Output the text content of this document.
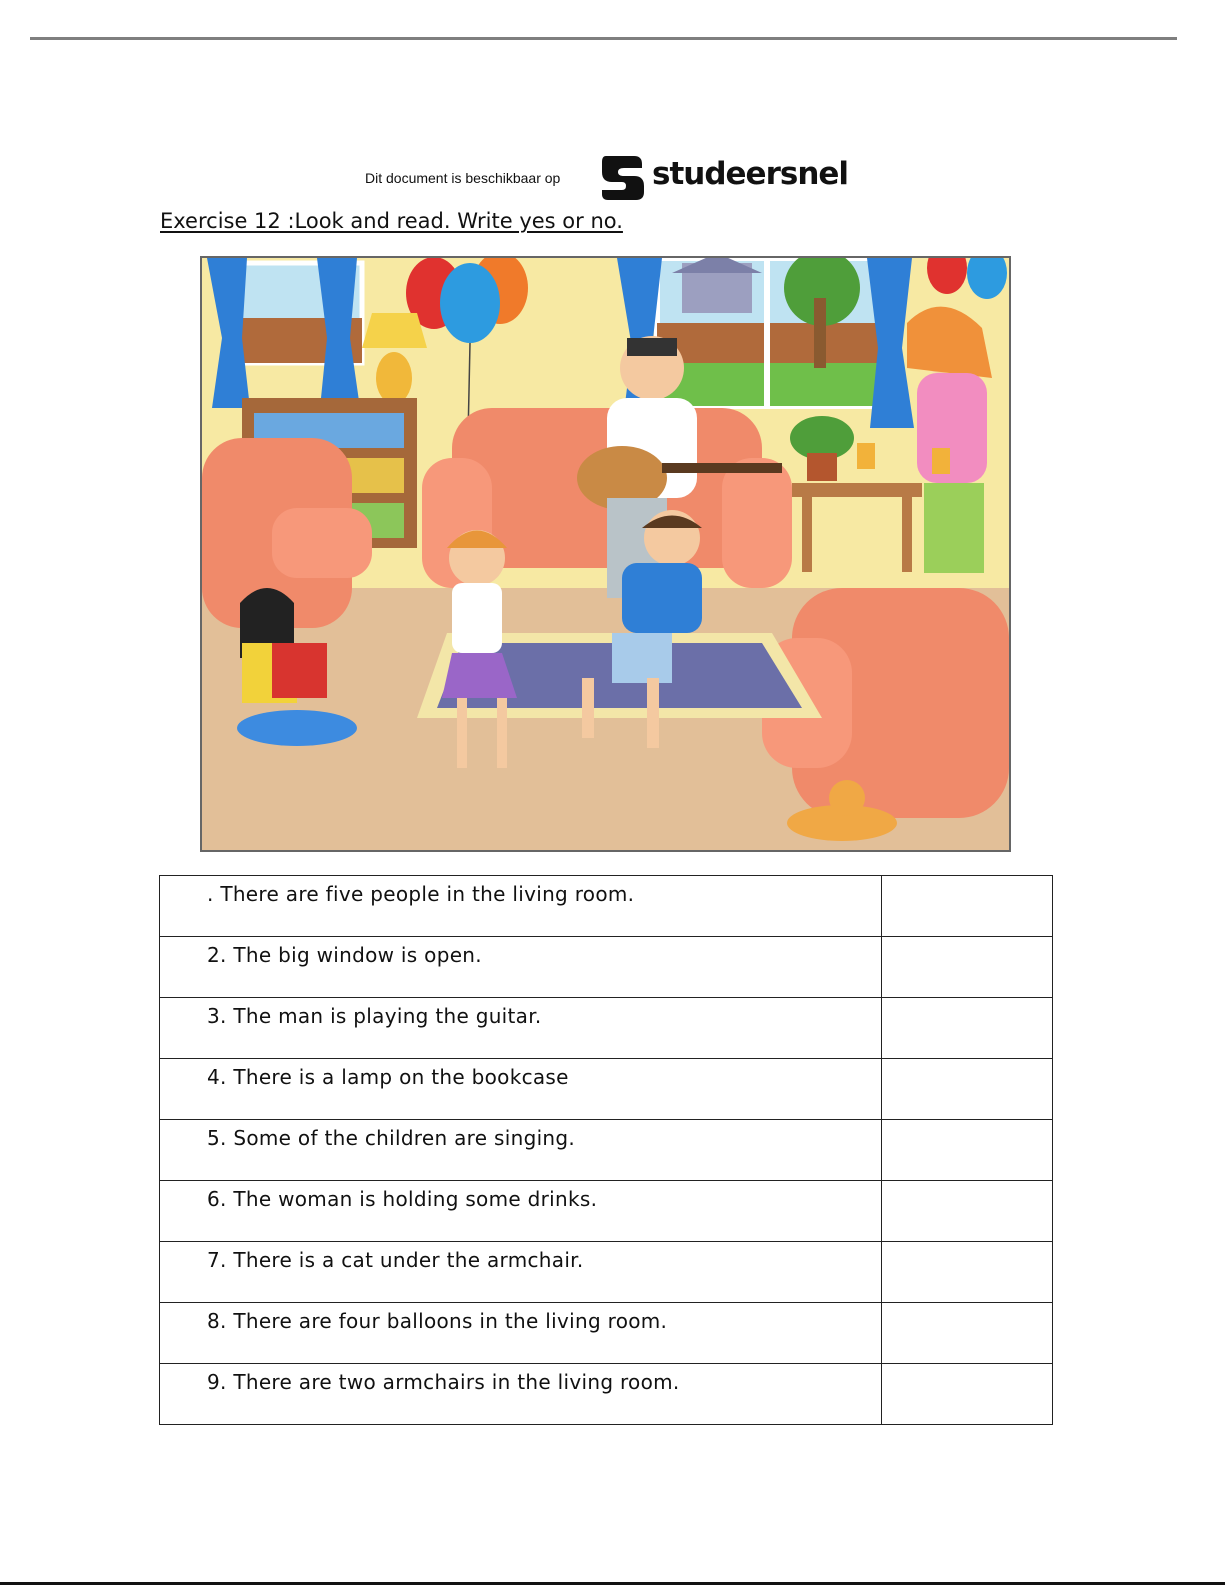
Dit document is beschikbaar op	studeersnel
Exercise 12 :Look and read. Write yes or no.
. There are five people in the living room.	
2. The big window is open.	
3. The man is playing the guitar.	
4. There is a lamp on the bookcase	
5. Some of the children are singing.	
6. The woman is holding some drinks.	
7. There is a cat under the armchair.	
8. There are four balloons in the living room.	
9. There are two armchairs in the living room.	
